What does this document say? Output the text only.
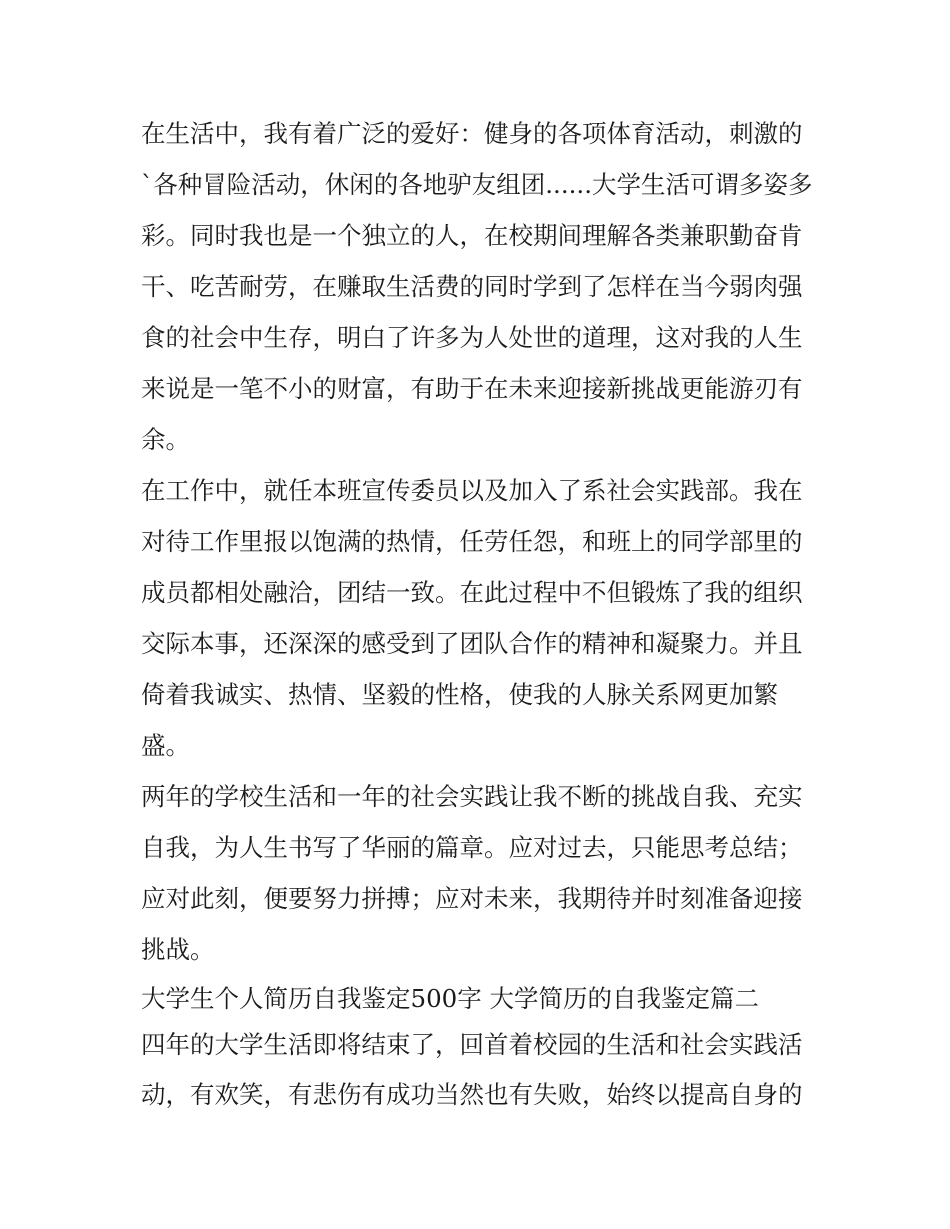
在生活中，我有着广泛的爱好：健身的各项体育活动，刺激的
`各种冒险活动，休闲的各地驴友组团......大学生活可谓多姿多
彩。同时我也是一个独立的人，在校期间理解各类兼职勤奋肯
干、吃苦耐劳，在赚取生活费的同时学到了怎样在当今弱肉强
食的社会中生存，明白了许多为人处世的道理，这对我的人生
来说是一笔不小的财富，有助于在未来迎接新挑战更能游刃有
余。
在工作中，就任本班宣传委员以及加入了系社会实践部。我在
对待工作里报以饱满的热情，任劳任怨，和班上的同学部里的
成员都相处融洽，团结一致。在此过程中不但锻炼了我的组织
交际本事，还深深的感受到了团队合作的精神和凝聚力。并且
倚着我诚实、热情、坚毅的性格，使我的人脉关系网更加繁
盛。
两年的学校生活和一年的社会实践让我不断的挑战自我、充实
自我，为人生书写了华丽的篇章。应对过去，只能思考总结；
应对此刻，便要努力拼搏；应对未来，我期待并时刻准备迎接
挑战。
大学生个人简历自我鉴定500字 大学简历的自我鉴定篇二
四年的大学生活即将结束了，回首着校园的生活和社会实践活
动，有欢笑，有悲伤有成功当然也有失败，始终以提高自身的
